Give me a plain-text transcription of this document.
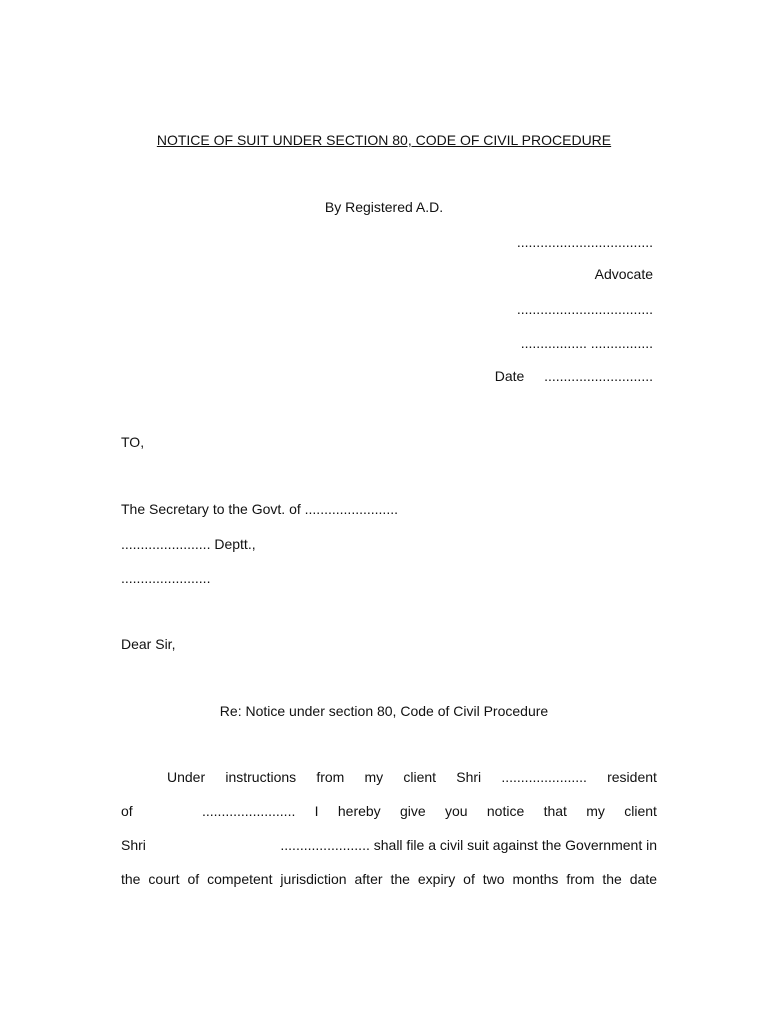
NOTICE OF SUIT UNDER SECTION 80, CODE OF CIVIL PROCEDURE
By Registered A.D.
...................................
Advocate
...................................
................. ................
Date ............................
TO,
The Secretary to the Govt. of ........................
....................... Deptt.,
.......................
Dear Sir,
Re: Notice under section 80, Code of Civil Procedure
Under instructions from my client Shri ...................... resident
of	........................ I hereby give you notice that my client
Shri	....................... shall file a civil suit against the Government in
the court of competent jurisdiction after the expiry of two months from the date
